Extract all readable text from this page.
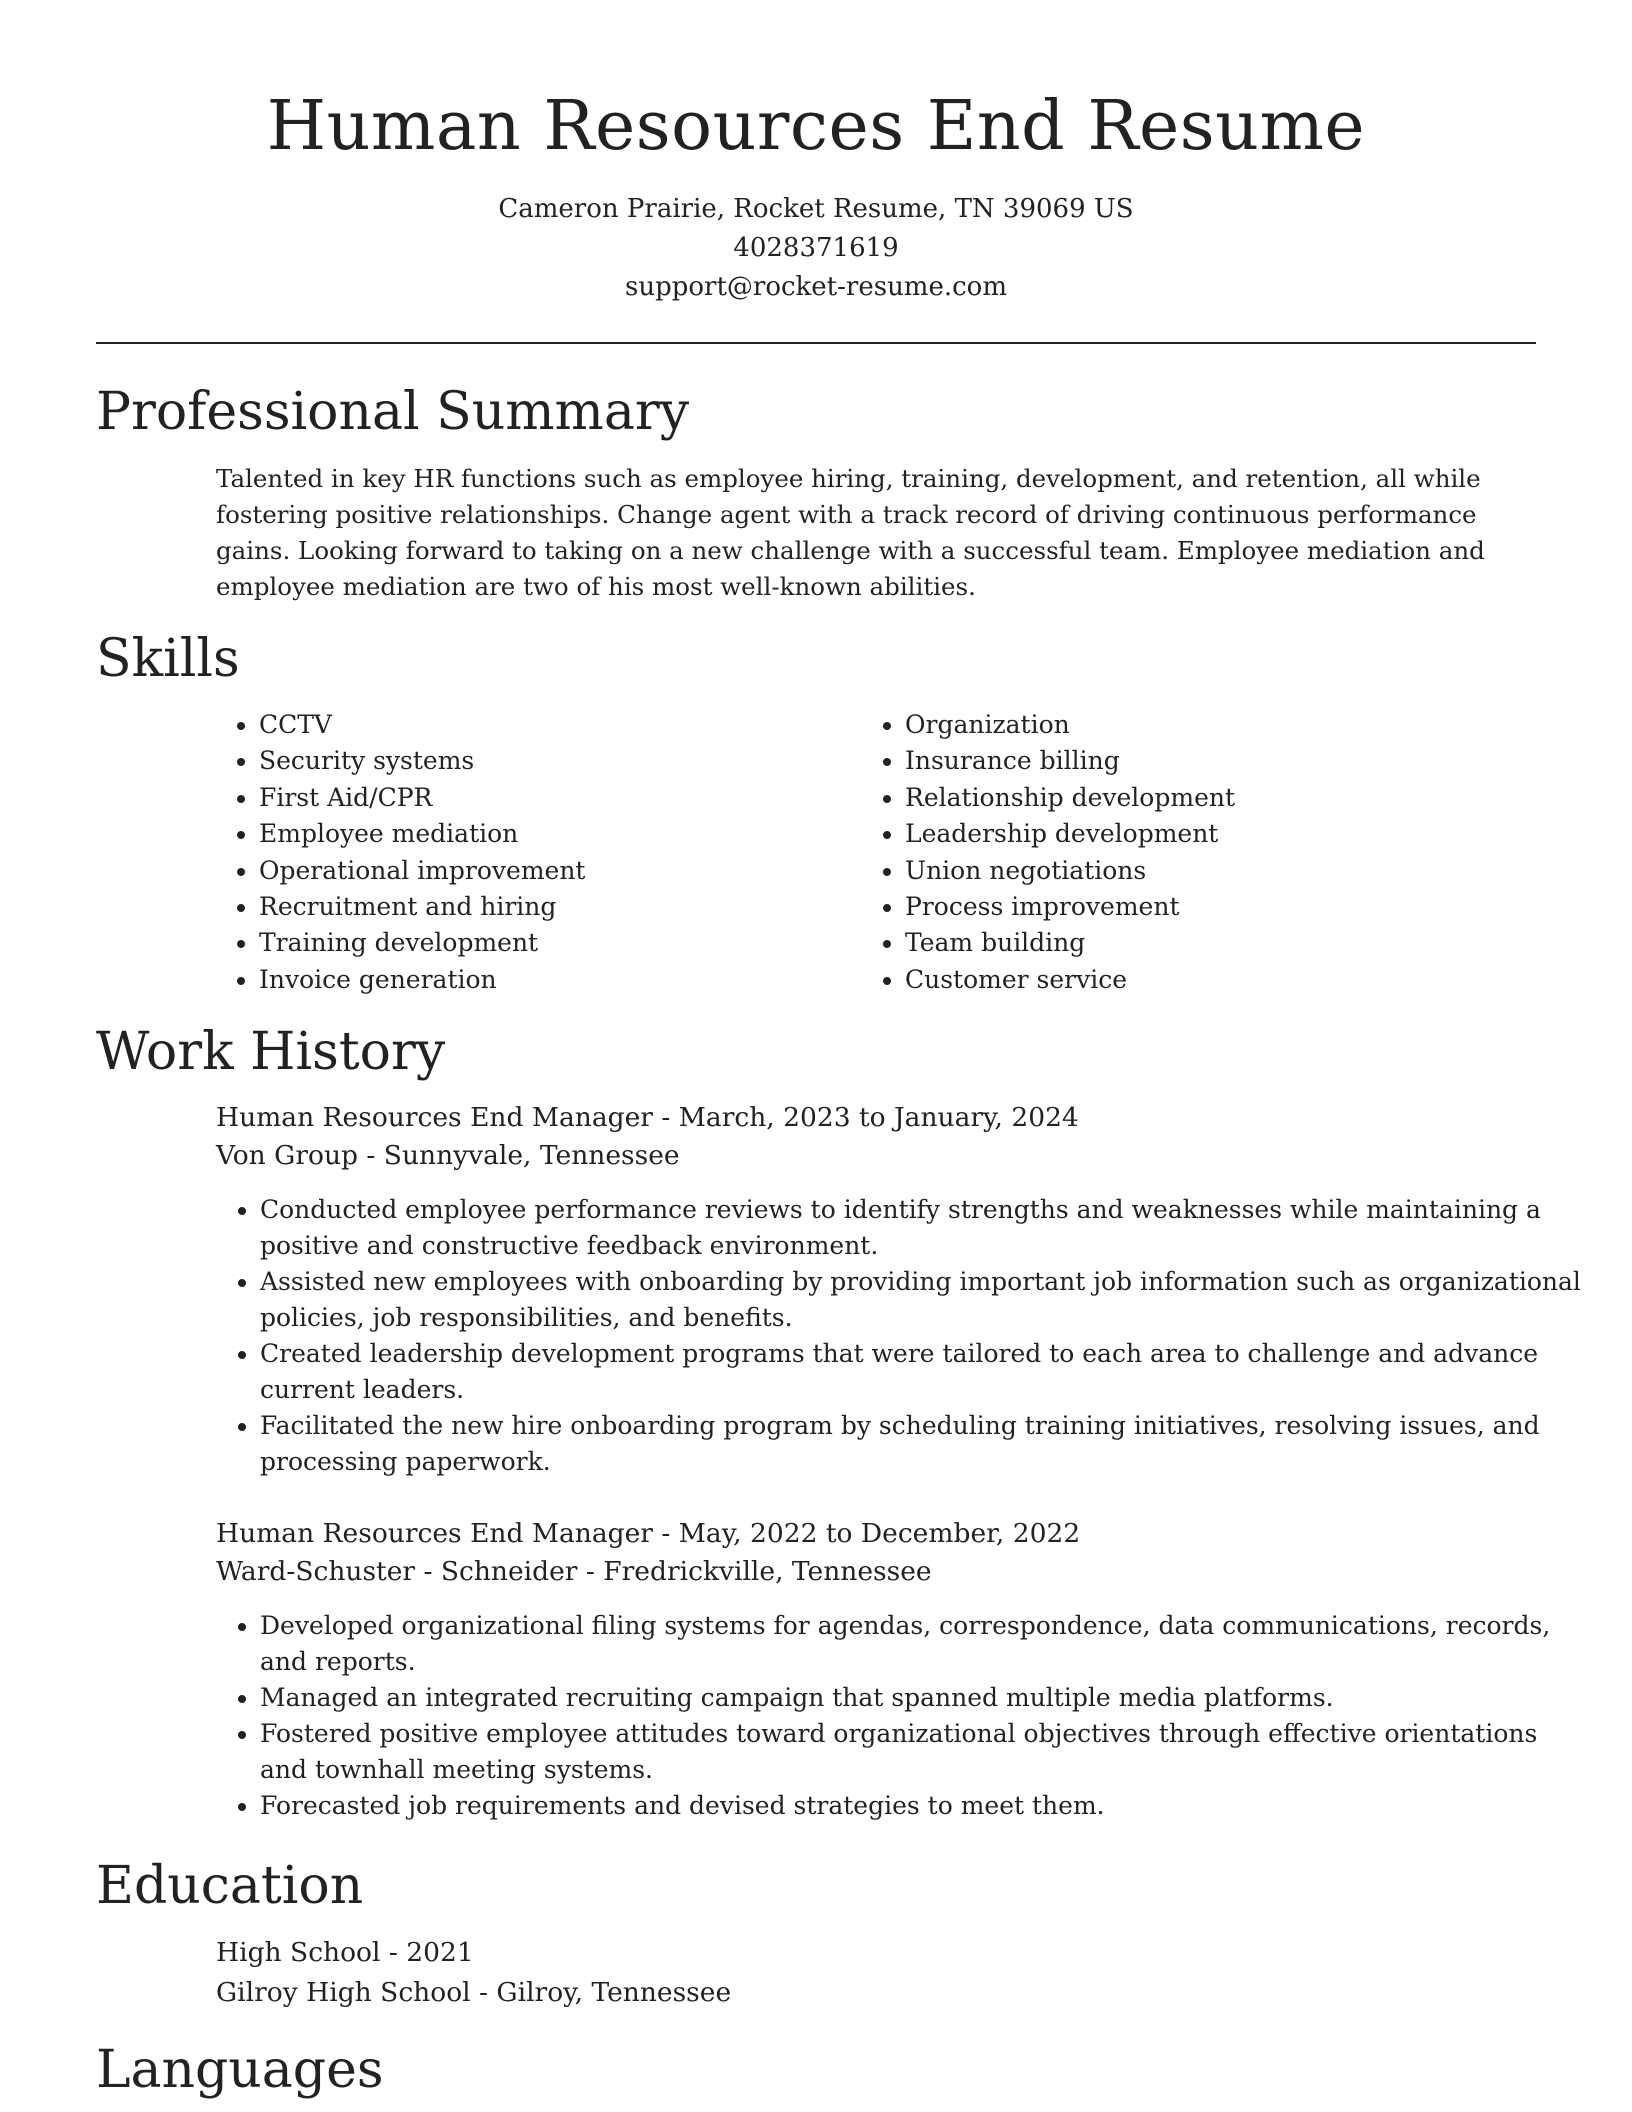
Human Resources End Resume
Cameron Prairie, Rocket Resume, TN 39069 US
4028371619
support@rocket-resume.com
Professional Summary

Talented in key HR functions such as employee hiring, training, development, and retention, all while fostering positive relationships. Change agent with a track record of driving continuous performance gains. Looking forward to taking on a new challenge with a successful team. Employee mediation and employee mediation are two of his most well-known abilities.

Skills
• CCTV
• Security systems
• First Aid/CPR
• Employee mediation
• Operational improvement
• Recruitment and hiring
• Training development
• Invoice generation
• Organization
• Insurance billing
• Relationship development
• Leadership development
• Union negotiations
• Process improvement
• Team building
• Customer service
Work History
Human Resources End Manager - March, 2023 to January, 2024
Von Group - Sunnyvale, Tennessee
• Conducted employee performance reviews to identify strengths and weaknesses while maintaining a positive and constructive feedback environment.
• Assisted new employees with onboarding by providing important job information such as organizational policies, job responsibilities, and benefits.
• Created leadership development programs that were tailored to each area to challenge and advance current leaders.
• Facilitated the new hire onboarding program by scheduling training initiatives, resolving issues, and processing paperwork.
Human Resources End Manager - May, 2022 to December, 2022
Ward-Schuster - Schneider - Fredrickville, Tennessee
• Developed organizational filing systems for agendas, correspondence, data communications, records, and reports.
• Managed an integrated recruiting campaign that spanned multiple media platforms.
• Fostered positive employee attitudes toward organizational objectives through effective orientations and townhall meeting systems.
• Forecasted job requirements and devised strategies to meet them.
Education
High School - 2021
Gilroy High School - Gilroy, Tennessee
Languages
